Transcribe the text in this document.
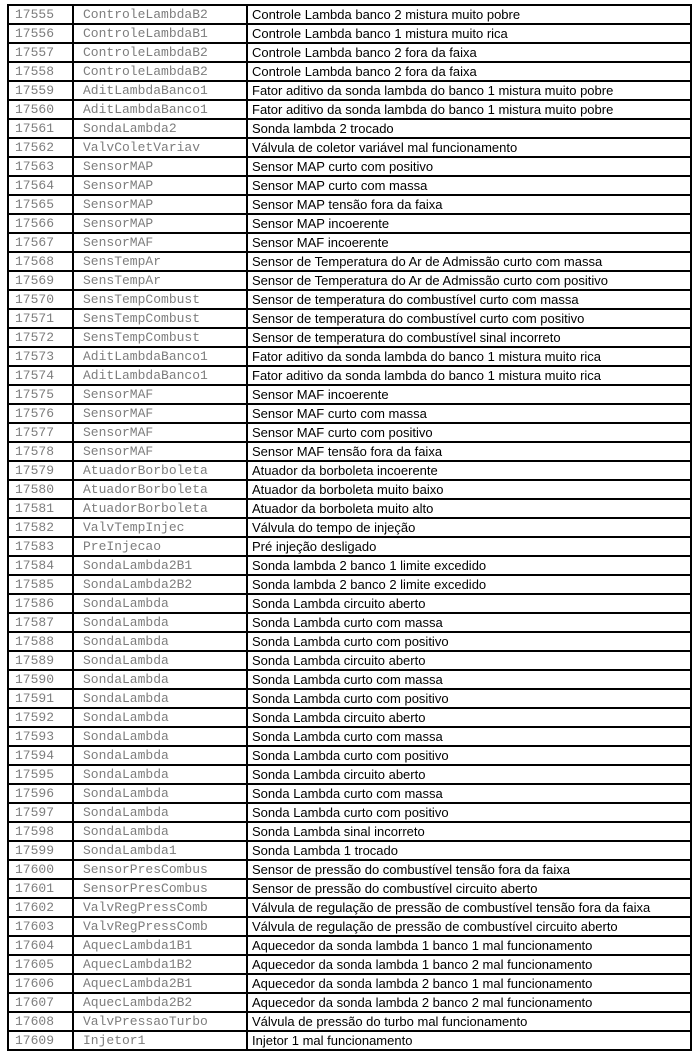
17555	ControleLambdaB2	Controle Lambda banco 2 mistura muito pobre
17556	ControleLambdaB1	Controle Lambda banco 1 mistura muito rica
17557	ControleLambdaB2	Controle Lambda banco 2 fora da faixa
17558	ControleLambdaB2	Controle Lambda banco 2 fora da faixa
17559	AditLambdaBanco1	Fator aditivo da sonda lambda do banco 1 mistura muito pobre
17560	AditLambdaBanco1	Fator aditivo da sonda lambda do banco 1 mistura muito pobre
17561	SondaLambda2	Sonda lambda 2 trocado
17562	ValvColetVariav	Válvula de coletor variável mal funcionamento
17563	SensorMAP	Sensor MAP curto com positivo
17564	SensorMAP	Sensor MAP curto com massa
17565	SensorMAP	Sensor MAP tensão fora da faixa
17566	SensorMAP	Sensor MAP incoerente
17567	SensorMAF	Sensor MAF incoerente
17568	SensTempAr	Sensor de Temperatura do Ar de Admissão curto com massa
17569	SensTempAr	Sensor de Temperatura do Ar de Admissão curto com positivo
17570	SensTempCombust	Sensor de temperatura do combustível curto com massa
17571	SensTempCombust	Sensor de temperatura do combustível curto com positivo
17572	SensTempCombust	Sensor de temperatura do combustível sinal incorreto
17573	AditLambdaBanco1	Fator aditivo da sonda lambda do banco 1 mistura muito rica
17574	AditLambdaBanco1	Fator aditivo da sonda lambda do banco 1 mistura muito rica
17575	SensorMAF	Sensor MAF incoerente
17576	SensorMAF	Sensor MAF curto com massa
17577	SensorMAF	Sensor MAF curto com positivo
17578	SensorMAF	Sensor MAF tensão fora da faixa
17579	AtuadorBorboleta	Atuador da borboleta incoerente
17580	AtuadorBorboleta	Atuador da borboleta muito baixo
17581	AtuadorBorboleta	Atuador da borboleta muito alto
17582	ValvTempInjec	Válvula do tempo de injeção
17583	PreInjecao	Pré injeção desligado
17584	SondaLambda2B1	Sonda lambda 2 banco 1 limite excedido
17585	SondaLambda2B2	Sonda lambda 2 banco 2 limite excedido
17586	SondaLambda	Sonda Lambda circuito aberto
17587	SondaLambda	Sonda Lambda curto com massa
17588	SondaLambda	Sonda Lambda curto com positivo
17589	SondaLambda	Sonda Lambda circuito aberto
17590	SondaLambda	Sonda Lambda curto com massa
17591	SondaLambda	Sonda Lambda curto com positivo
17592	SondaLambda	Sonda Lambda circuito aberto
17593	SondaLambda	Sonda Lambda curto com massa
17594	SondaLambda	Sonda Lambda curto com positivo
17595	SondaLambda	Sonda Lambda circuito aberto
17596	SondaLambda	Sonda Lambda curto com massa
17597	SondaLambda	Sonda Lambda curto com positivo
17598	SondaLambda	Sonda Lambda sinal incorreto
17599	SondaLambda1	Sonda Lambda 1 trocado
17600	SensorPresCombus	Sensor de pressão do combustível tensão fora da faixa
17601	SensorPresCombus	Sensor de pressão do combustível circuito aberto
17602	ValvRegPressComb	Válvula de regulação de pressão de combustível tensão fora da faixa
17603	ValvRegPressComb	Válvula de regulação de pressão de combustível circuito aberto
17604	AquecLambda1B1	Aquecedor da sonda lambda 1 banco 1 mal funcionamento
17605	AquecLambda1B2	Aquecedor da sonda lambda 1 banco 2 mal funcionamento
17606	AquecLambda2B1	Aquecedor da sonda lambda 2 banco 1 mal funcionamento
17607	AquecLambda2B2	Aquecedor da sonda lambda 2 banco 2 mal funcionamento
17608	ValvPressaoTurbo	Válvula de pressão do turbo mal funcionamento
17609	Injetor1	Injetor 1 mal funcionamento
